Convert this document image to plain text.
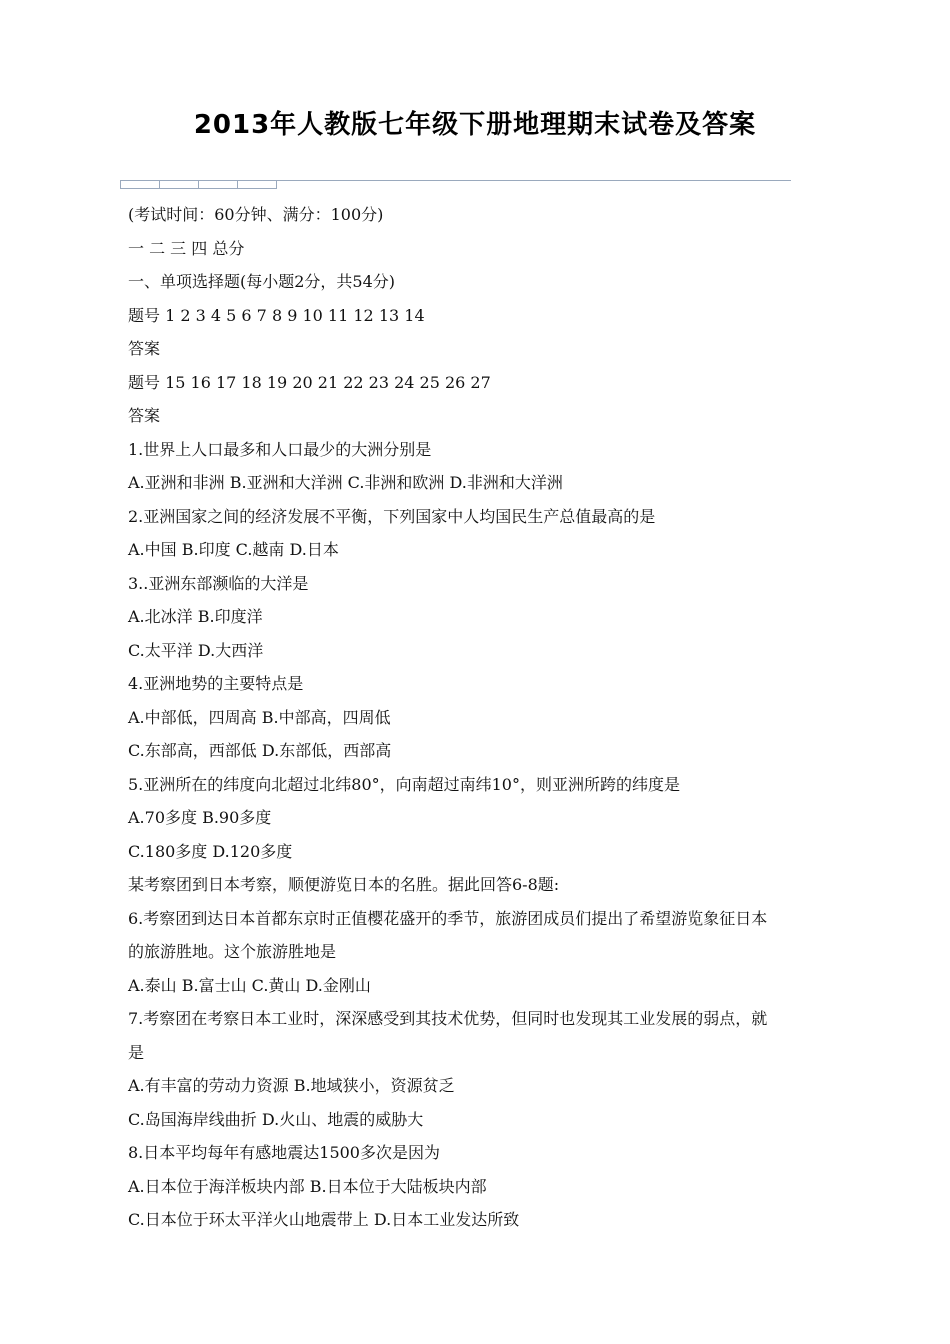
2013年人教版七年级下册地理期末试卷及答案
(考试时间：60分钟、满分：100分)
一 二 三 四 总分
一、单项选择题(每小题2分，共54分)
题号 1 2 3 4 5 6 7 8 9 10 11 12 13 14
答案
题号 15 16 17 18 19 20 21 22 23 24 25 26 27
答案
1.世界上人口最多和人口最少的大洲分别是
A.亚洲和非洲 B.亚洲和大洋洲 C.非洲和欧洲 D.非洲和大洋洲
2.亚洲国家之间的经济发展不平衡，下列国家中人均国民生产总值最高的是
A.中国 B.印度 C.越南 D.日本
3..亚洲东部濒临的大洋是
A.北冰洋 B.印度洋
C.太平洋 D.大西洋
4.亚洲地势的主要特点是
A.中部低，四周高 B.中部高，四周低
C.东部高，西部低 D.东部低，西部高
5.亚洲所在的纬度向北超过北纬80°，向南超过南纬10°，则亚洲所跨的纬度是
A.70多度 B.90多度
C.180多度 D.120多度
某考察团到日本考察，顺便游览日本的名胜。据此回答6-8题:
6.考察团到达日本首都东京时正值樱花盛开的季节，旅游团成员们提出了希望游览象征日本
的旅游胜地。这个旅游胜地是
A.泰山 B.富士山 C.黄山 D.金刚山
7.考察团在考察日本工业时，深深感受到其技术优势，但同时也发现其工业发展的弱点，就
是
A.有丰富的劳动力资源 B.地域狭小，资源贫乏
C.岛国海岸线曲折 D.火山、地震的威胁大
8.日本平均每年有感地震达1500多次是因为
A.日本位于海洋板块内部 B.日本位于大陆板块内部
C.日本位于环太平洋火山地震带上 D.日本工业发达所致
